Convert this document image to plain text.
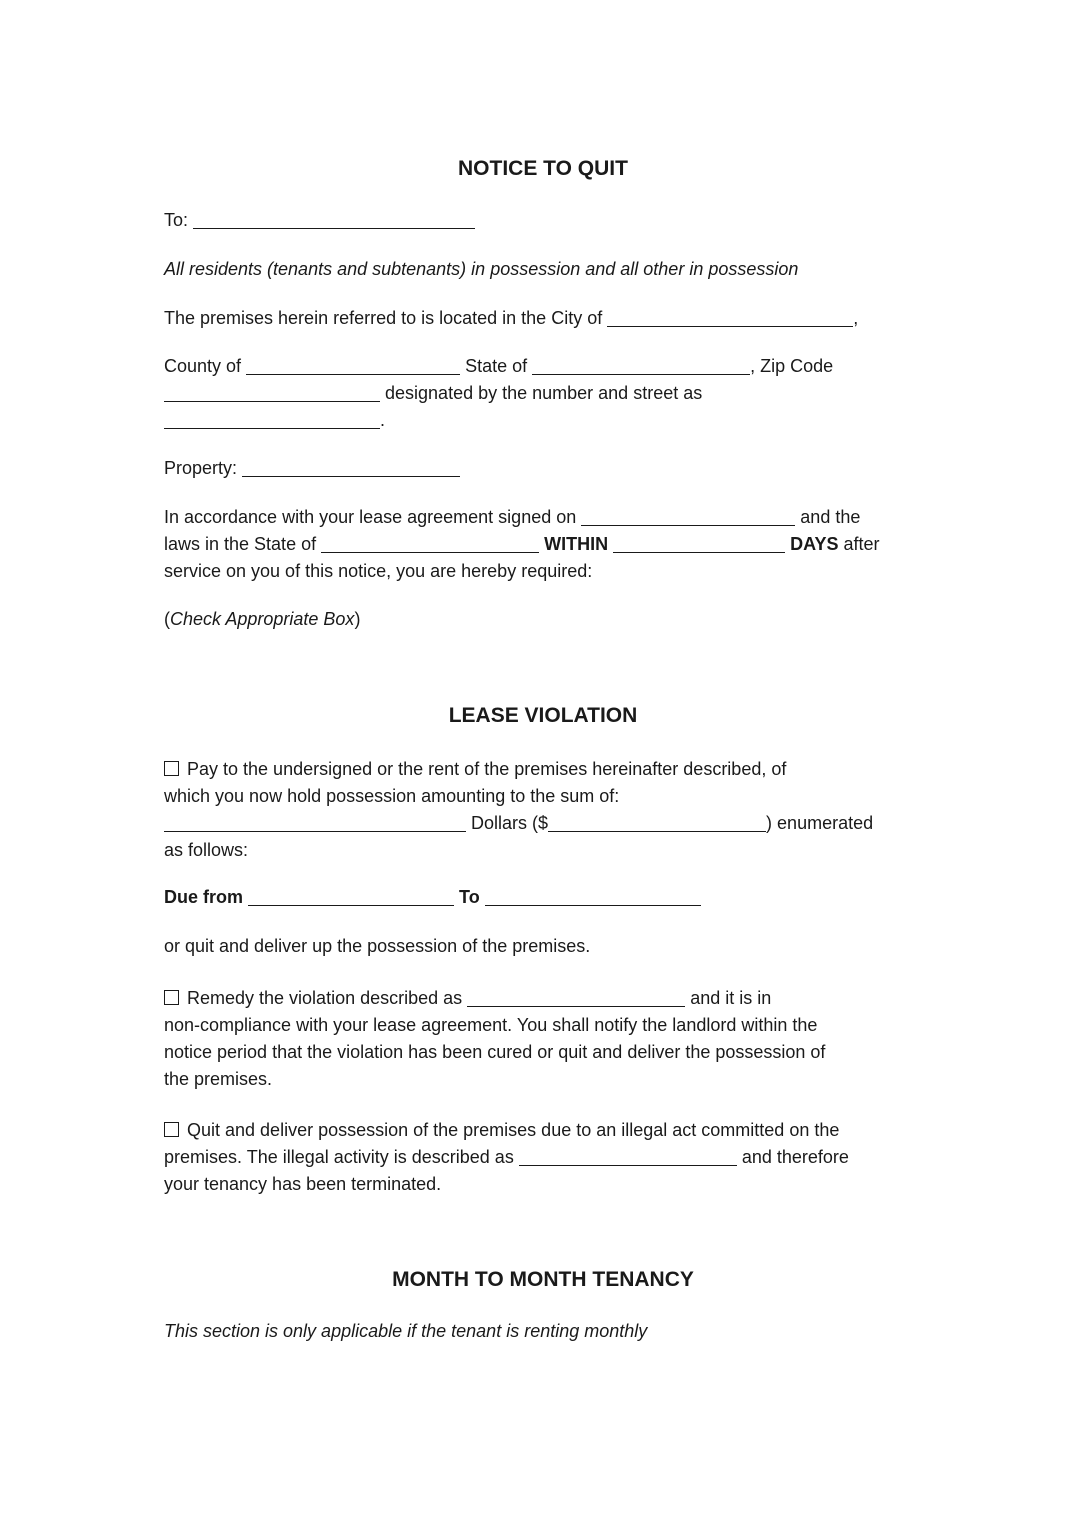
NOTICE TO QUIT
To:
All residents (tenants and subtenants) in possession and all other in possession
The premises herein referred to is located in the City of	,
County of	State of	, Zip Code
designated by the number and street as
.
Property:
In accordance with your lease agreement signed on	and the
laws in the State of	WITHIN	DAYS after
service on you of this notice, you are hereby required:
(Check Appropriate Box)
LEASE VIOLATION
Pay to the undersigned or the rent of the premises hereinafter described, of
which you now hold possession amounting to the sum of:
Dollars ($	) enumerated
as follows:
Due from	To
or quit and deliver up the possession of the premises.
Remedy the violation described as	and it is in
non-compliance with your lease agreement. You shall notify the landlord within the
notice period that the violation has been cured or quit and deliver the possession of
the premises.
Quit and deliver possession of the premises due to an illegal act committed on the
premises. The illegal activity is described as	and therefore
your tenancy has been terminated.
MONTH TO MONTH TENANCY
This section is only applicable if the tenant is renting monthly
